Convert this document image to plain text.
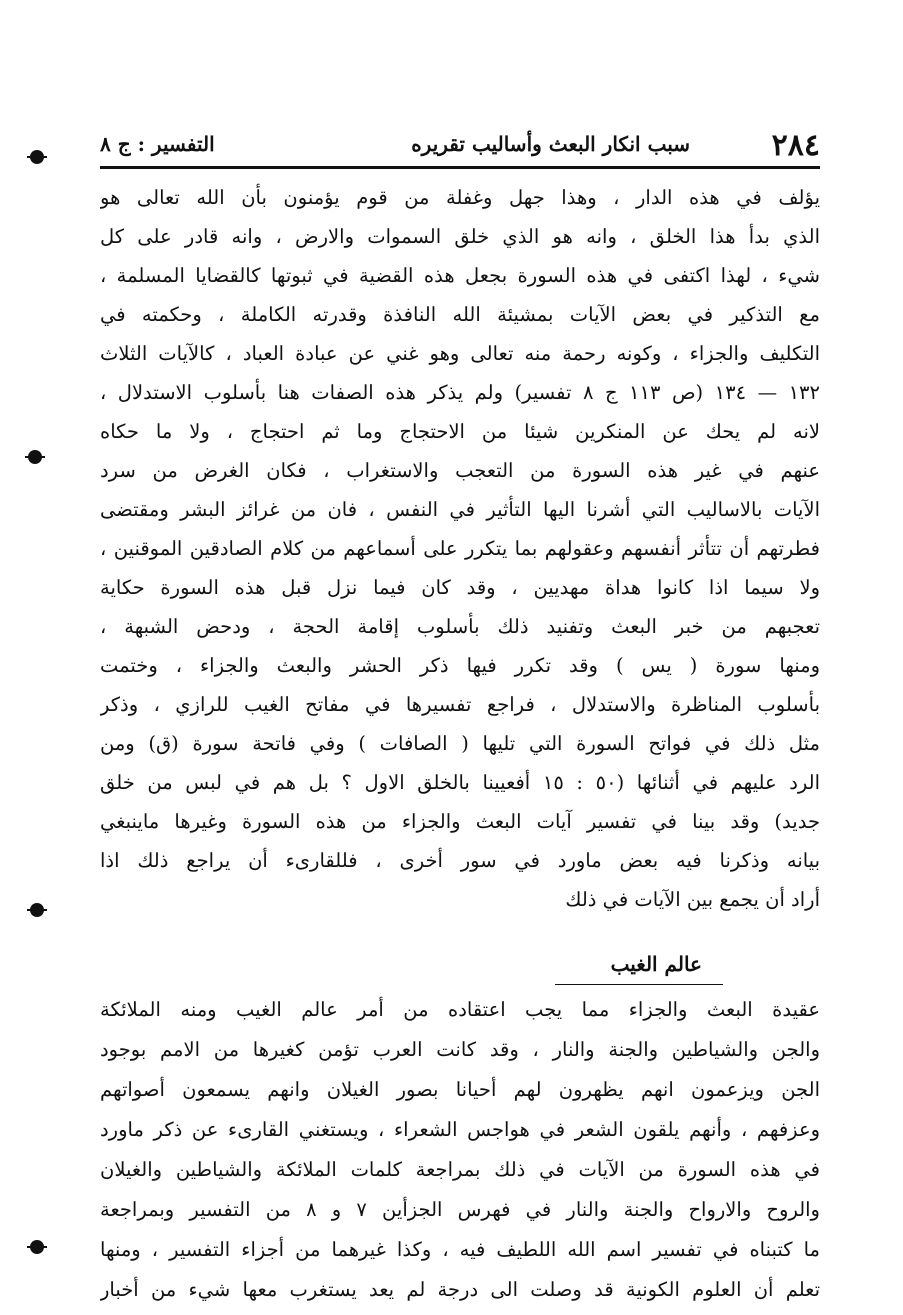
٢٨٤
سبب انكار البعث وأساليب تقريره
التفسير : ج ٨
يؤلف في هذه الدار ، وهذا جهل وغفلة من قوم يؤمنون بأن الله تعالى هو
الذي بدأ هذا الخلق ، وانه هو الذي خلق السموات والارض ، وانه قادر على كل
شيء ، لهذا اكتفى في هذه السورة بجعل هذه القضية في ثبوتها كالقضايا المسلمة ،
مع التذكير في بعض الآيات بمشيئة الله النافذة وقدرته الكاملة ، وحكمته في
التكليف والجزاء ، وكونه رحمة منه تعالى وهو غني عن عبادة العباد ، كالآيات الثلاث
١٣٢ — ١٣٤ (ص ١١٣ ج ٨ تفسير) ولم يذكر هذه الصفات هنا بأسلوب الاستدلال ،
لانه لم يحك عن المنكرين شيئا من الاحتجاج وما ثم احتجاج ، ولا ما حكاه
عنهم في غير هذه السورة من التعجب والاستغراب ، فكان الغرض من سرد
الآيات بالاساليب التي أشرنا اليها التأثير في النفس ، فان من غرائز البشر ومقتضى
فطرتهم أن تتأثر أنفسهم وعقولهم بما يتكرر على أسماعهم من كلام الصادقين الموقنين ،
ولا سيما اذا كانوا هداة مهديين ، وقد كان فيما نزل قبل هذه السورة حكاية
تعجبهم من خبر البعث وتفنيد ذلك بأسلوب إقامة الحجة ، ودحض الشبهة ،
ومنها سورة ( يس ) وقد تكرر فيها ذكر الحشر والبعث والجزاء ، وختمت
بأسلوب المناظرة والاستدلال ، فراجع تفسيرها في مفاتح الغيب للرازي ، وذكر
مثل ذلك في فواتح السورة التي تليها ( الصافات ) وفي فاتحة سورة (ق) ومن
الرد عليهم في أثنائها (٥٠ : ١٥ أفعيينا بالخلق الاول ؟ بل هم في لبس من خلق
جديد) وقد بينا في تفسير آيات البعث والجزاء من هذه السورة وغيرها ماينبغي
بيانه وذكرنا فيه بعض ماورد في سور أخرى ، فللقارىء أن يراجع ذلك اذا
أراد أن يجمع بين الآيات في ذلك
عالم الغيب
عقيدة البعث والجزاء مما يجب اعتقاده من أمر عالم الغيب ومنه الملائكة
والجن والشياطين والجنة والنار ، وقد كانت العرب تؤمن كغيرها من الامم بوجود
الجن ويزعمون انهم يظهرون لهم أحيانا بصور الغيلان وانهم يسمعون أصواتهم
وعزفهم ، وأنهم يلقون الشعر في هواجس الشعراء ، ويستغني القارىء عن ذكر ماورد
في هذه السورة من الآيات في ذلك بمراجعة كلمات الملائكة والشياطين والغيلان
والروح والارواح والجنة والنار في فهرس الجزأين ٧ و ٨ من التفسير وبمراجعة
ما كتبناه في تفسير اسم الله اللطيف فيه ، وكذا غيرهما من أجزاء التفسير ، ومنها
تعلم أن العلوم الكونية قد وصلت الى درجة لم يعد يستغرب معها شيء من أخبار
